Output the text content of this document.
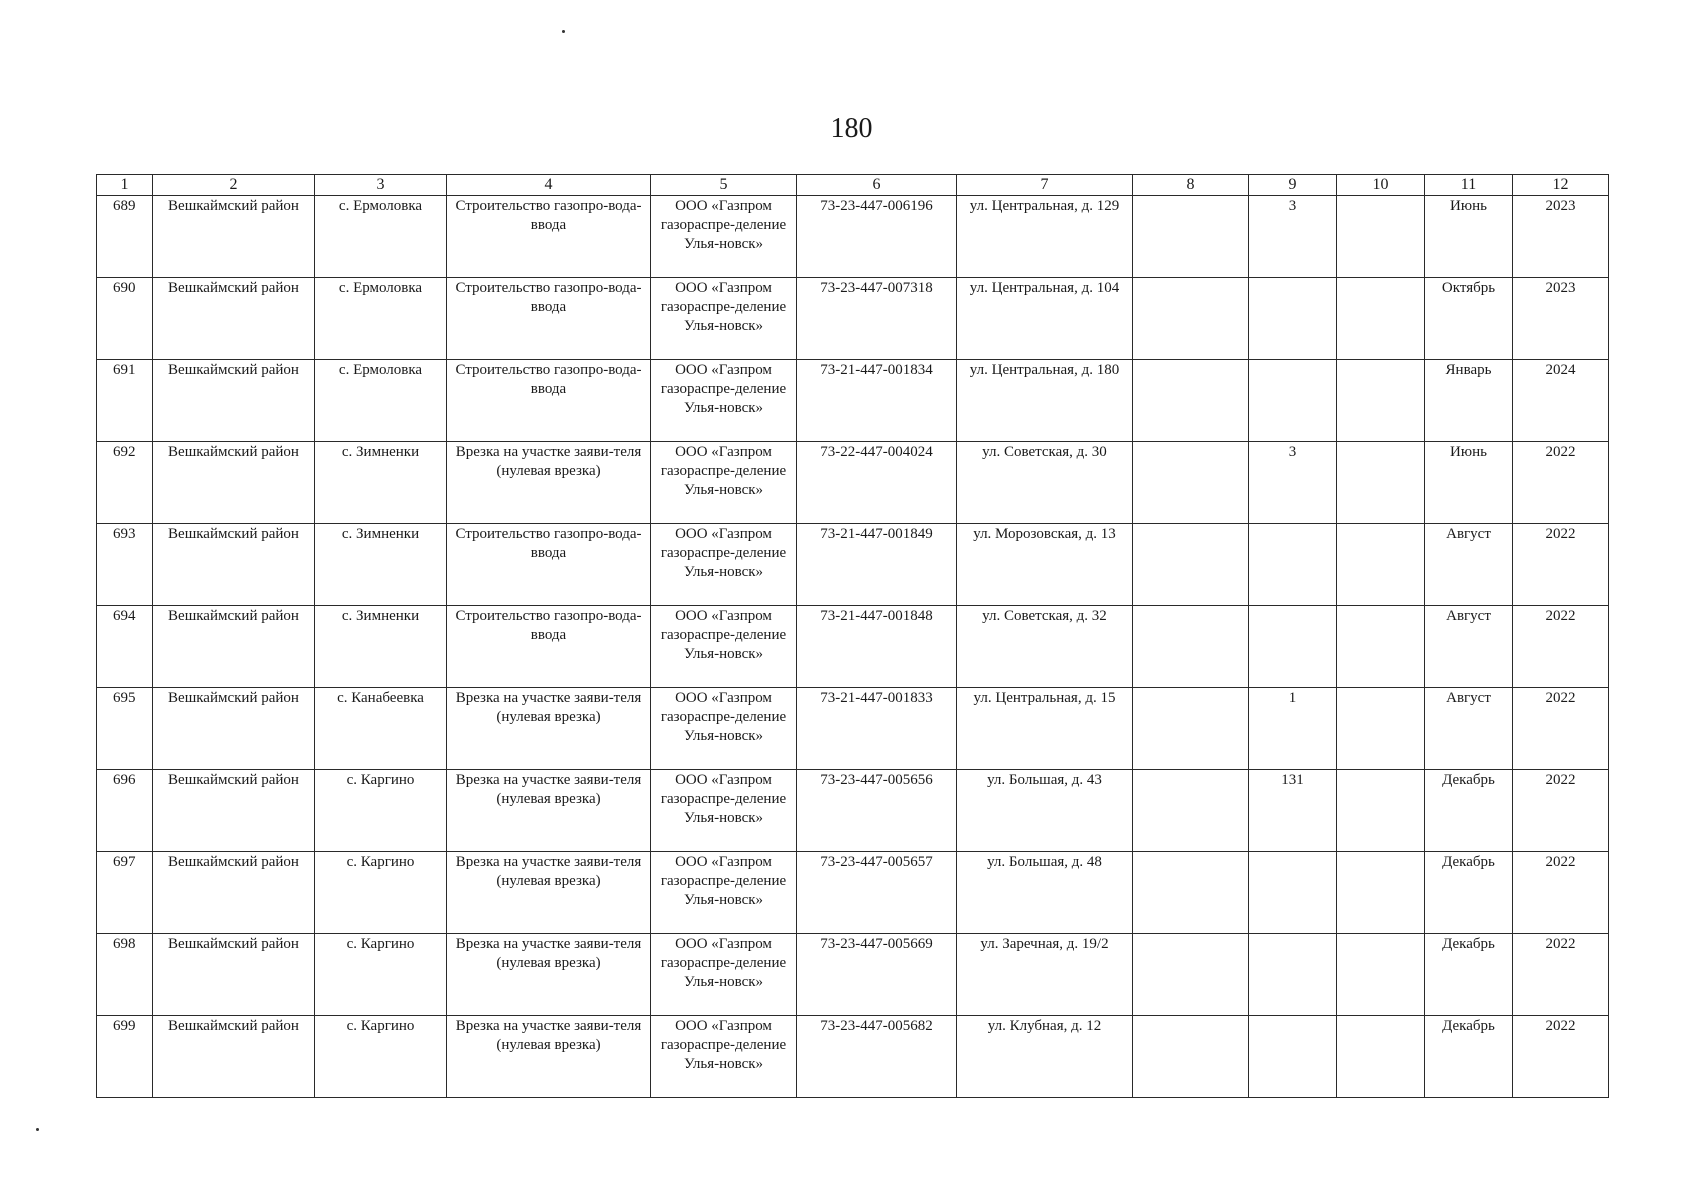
180
1	2	3	4	5	6	7	8	9	10	11	12
689	Вешкаймский район	с. Ермоловка	Строительство газопро-вода-ввода	ООО «Газпром газораспре-деление Улья-новск»	73-23-447-006196	ул. Центральная, д. 129		3		Июнь	2023
690	Вешкаймский район	с. Ермоловка	Строительство газопро-вода-ввода	ООО «Газпром газораспре-деление Улья-новск»	73-23-447-007318	ул. Центральная, д. 104				Октябрь	2023
691	Вешкаймский район	с. Ермоловка	Строительство газопро-вода-ввода	ООО «Газпром газораспре-деление Улья-новск»	73-21-447-001834	ул. Центральная, д. 180				Январь	2024
692	Вешкаймский район	с. Зимненки	Врезка на участке заяви-теля (нулевая врезка)	ООО «Газпром газораспре-деление Улья-новск»	73-22-447-004024	ул. Советская, д. 30		3		Июнь	2022
693	Вешкаймский район	с. Зимненки	Строительство газопро-вода-ввода	ООО «Газпром газораспре-деление Улья-новск»	73-21-447-001849	ул. Морозовская, д. 13				Август	2022
694	Вешкаймский район	с. Зимненки	Строительство газопро-вода-ввода	ООО «Газпром газораспре-деление Улья-новск»	73-21-447-001848	ул. Советская, д. 32				Август	2022
695	Вешкаймский район	с. Канабеевка	Врезка на участке заяви-теля (нулевая врезка)	ООО «Газпром газораспре-деление Улья-новск»	73-21-447-001833	ул. Центральная, д. 15		1		Август	2022
696	Вешкаймский район	с. Каргино	Врезка на участке заяви-теля (нулевая врезка)	ООО «Газпром газораспре-деление Улья-новск»	73-23-447-005656	ул. Большая, д. 43		131		Декабрь	2022
697	Вешкаймский район	с. Каргино	Врезка на участке заяви-теля (нулевая врезка)	ООО «Газпром газораспре-деление Улья-новск»	73-23-447-005657	ул. Большая, д. 48				Декабрь	2022
698	Вешкаймский район	с. Каргино	Врезка на участке заяви-теля (нулевая врезка)	ООО «Газпром газораспре-деление Улья-новск»	73-23-447-005669	ул. Заречная, д. 19/2				Декабрь	2022
699	Вешкаймский район	с. Каргино	Врезка на участке заяви-теля (нулевая врезка)	ООО «Газпром газораспре-деление Улья-новск»	73-23-447-005682	ул. Клубная, д. 12				Декабрь	2022
